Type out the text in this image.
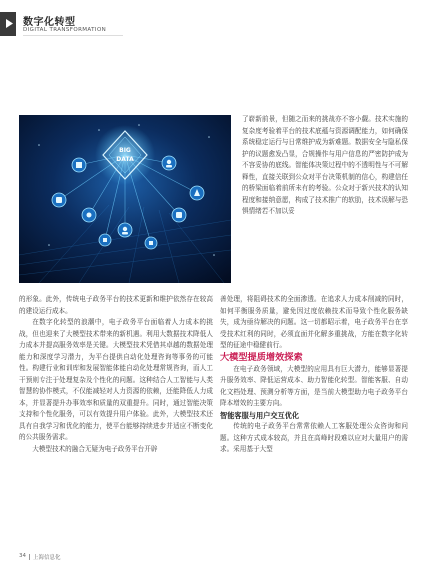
数字化转型
DIGITAL TRANSFORMATION
BIG
DATA

了崭新前景，但随之而来的挑战亦不容小觑。技术实施的复杂度考验着平台的技术底蕴与资源调配能力，如何确保系统稳定运行与日常维护成为新难题。数据安全与隐私保护的议题愈发凸显，合规操作与用户信息的严密防护成为不容妥协的底线。智能体决策过程中的不透明性与不可解释性，直接关联到公众对平台决策机制的信心，构建信任的桥梁面临着前所未有的考验。公众对于新兴技术的认知程度和接纳意愿，构成了技术推广的软肋，技术误解与恐惧情绪若不加以妥

的形象。此外，传统电子政务平台的技术更新和维护依然存在较高的建设运行成本。

在数字化转型的浪潮中，电子政务平台面临着人力成本的挑战，但也迎来了大模型技术带来的新机遇。利用大数据技术降低人力成本并提高服务效率是关键。大模型技术凭借其卓越的数据处理能力和深度学习潜力，为平台提供自动化处理咨询等事务的可能性。构建行业和训库和发展智能体能自动化处理常规咨询，而人工干预则专注于处理复杂及个性化的问题。这种结合人工智能与人类智慧的协作模式，不仅能减轻对人力资源的依赖，还能降低人力成本，并显著提升办事效率和质量的双重提升。同时，通过智能决策支持和个性化服务，可以有效提升用户体验。此外，大模型技术还具有自我学习和优化的能力，使平台能够持续进步并适应不断变化的公共服务需求。

大模型技术的融合无疑为电子政务平台开辟

善处理，将阻碍技术的全面渗透。在追求人力成本削减的同时，如何平衡服务质量，避免因过度依赖技术而导致个性化服务缺失，成为亟待解决的问题。这一切都昭示着，电子政务平台在享受技术红利的同时，必须直面并化解多重挑战，方能在数字化转型的征途中稳健前行。

大模型提质增效探索

在电子政务领域，大模型的应用具有巨大潜力，能够显著提升服务效率、降低运营成本、助力智能化转型。智能客服、自动化文档处理、预测分析等方面，是当前大模型助力电子政务平台降本增效的主要方向。

智能客服与用户交互优化

传统的电子政务平台常常依赖人工客服处理公众咨询和问题。这种方式成本较高，并且在高峰时段难以应对大量用户的需求。采用基于大型

34 上海信息化
